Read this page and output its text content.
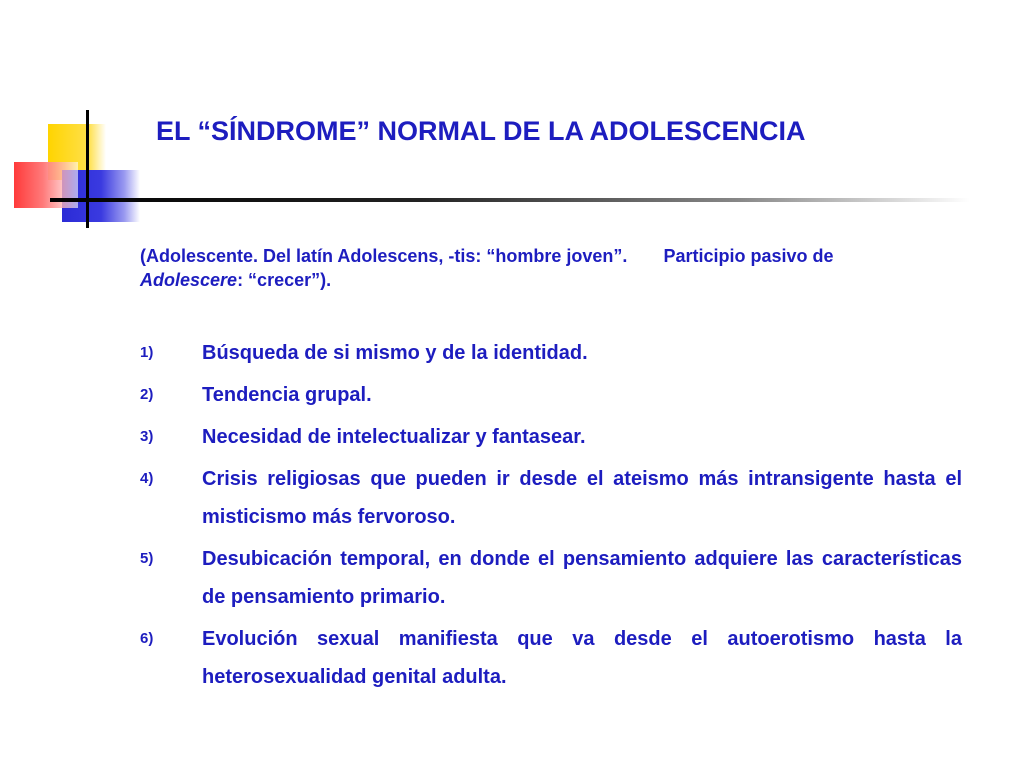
EL “SÍNDROME” NORMAL DE LA ADOLESCENCIA

(Adolescente. Del latín Adolescens, -tis: “hombre joven”. Participio pasivo de Adolescere: “crecer”).

1)	Búsqueda de si mismo y de la identidad.
2)	Tendencia grupal.
3)	Necesidad de intelectualizar y fantasear.
4)	Crisis religiosas que pueden ir desde el ateismo más intransigente hasta el misticismo más fervoroso.
5)	Desubicación temporal, en donde el pensamiento adquiere las características de pensamiento primario.
6)	Evolución sexual manifiesta que va desde el autoerotismo hasta la heterosexualidad genital adulta.
